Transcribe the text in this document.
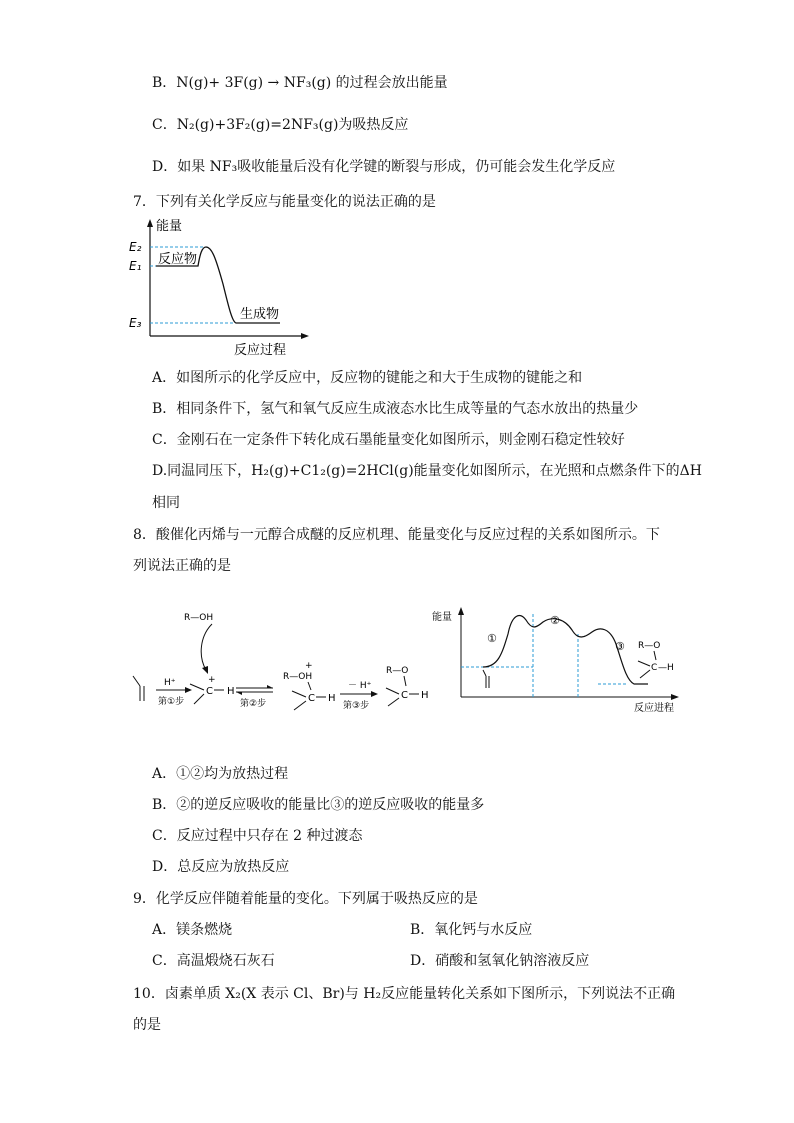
B．N(g)+ 3F(g) → NF₃(g) 的过程会放出能量
C．N₂(g)+3F₂(g)=2NF₃(g)为吸热反应
D．如果 NF₃吸收能量后没有化学键的断裂与形成，仍可能会发生化学反应
7．下列有关化学反应与能量变化的说法正确的是
E₂
E₁
E₃
能量
反应物
生成物
反应过程
A．如图所示的化学反应中，反应物的键能之和大于生成物的键能之和
B．相同条件下，氢气和氧气反应生成液态水比生成等量的气态水放出的热量少
C．金刚石在一定条件下转化成石墨能量变化如图所示，则金刚石稳定性较好
D.同温同压下，H₂(g)+C1₂(g)=2HCl(g)能量变化如图所示，在光照和点燃条件下的ΔH
相同
8．酸催化丙烯与一元醇合成醚的反应机理、能量变化与反应过程的关系如图所示。下
列说法正确的是
H⁺
第①步
R—OH
+
C H
第②步
+
R—OH
C H
－ H⁺
第③步
R—O
C H
能量
反应进程
①
②
③ R—O
C —H
A．①②均为放热过程
B．②的逆反应吸收的能量比③的逆反应吸收的能量多
C．反应过程中只存在 2 种过渡态
D．总反应为放热反应
9．化学反应伴随着能量的变化。下列属于吸热反应的是
A．镁条燃烧	B．氧化钙与水反应
C．高温煅烧石灰石	D．硝酸和氢氧化钠溶液反应
10．卤素单质 X₂(X 表示 Cl、Br)与 H₂反应能量转化关系如下图所示，下列说法不正确
的是
